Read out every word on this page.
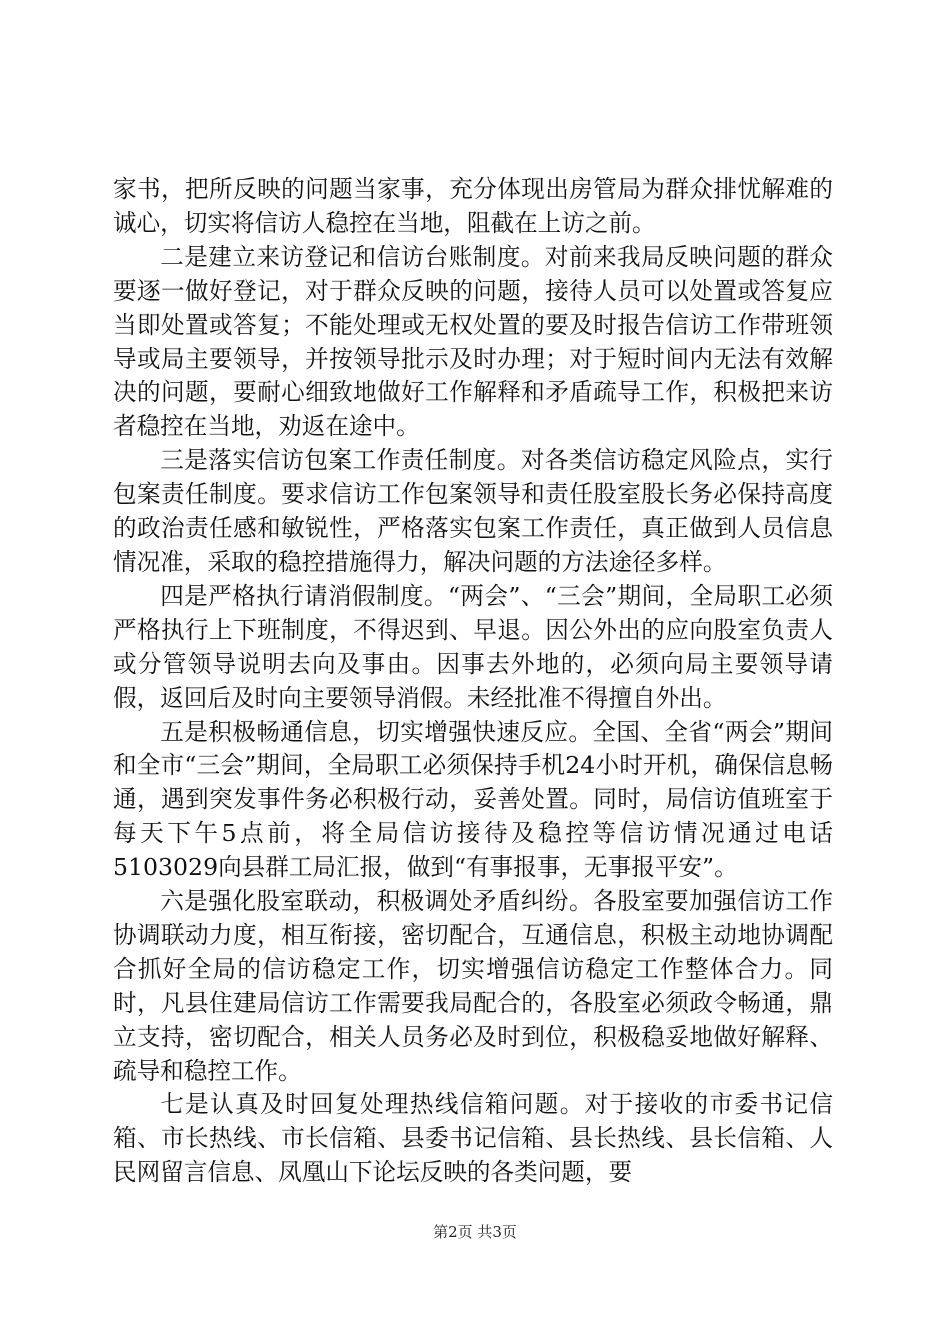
家书，把所反映的问题当家事，充分体现出房管局为群众排忧解难的诚心，切实将信访人稳控在当地，阻截在上访之前。

二是建立来访登记和信访台账制度。对前来我局反映问题的群众要逐一做好登记，对于群众反映的问题，接待人员可以处置或答复应当即处置或答复；不能处理或无权处置的要及时报告信访工作带班领导或局主要领导，并按领导批示及时办理；对于短时间内无法有效解决的问题，要耐心细致地做好工作解释和矛盾疏导工作，积极把来访者稳控在当地，劝返在途中。

三是落实信访包案工作责任制度。对各类信访稳定风险点，实行包案责任制度。要求信访工作包案领导和责任股室股长务必保持高度的政治责任感和敏锐性，严格落实包案工作责任，真正做到人员信息情况准，采取的稳控措施得力，解决问题的方法途径多样。

四是严格执行请消假制度。“两会”、“三会”期间，全局职工必须严格执行上下班制度，不得迟到、早退。因公外出的应向股室负责人或分管领导说明去向及事由。因事去外地的，必须向局主要领导请假，返回后及时向主要领导消假。未经批准不得擅自外出。

五是积极畅通信息，切实增强快速反应。全国、全省“两会”期间和全市“三会”期间，全局职工必须保持手机24小时开机，确保信息畅通，遇到突发事件务必积极行动，妥善处置。同时，局信访值班室于每天下午5点前，将全局信访接待及稳控等信访情况通过电话5103029向县群工局汇报，做到“有事报事，无事报平安”。

六是强化股室联动，积极调处矛盾纠纷。各股室要加强信访工作协调联动力度，相互衔接，密切配合，互通信息，积极主动地协调配合抓好全局的信访稳定工作，切实增强信访稳定工作整体合力。同时，凡县住建局信访工作需要我局配合的，各股室必须政令畅通，鼎立支持，密切配合，相关人员务必及时到位，积极稳妥地做好解释、疏导和稳控工作。

七是认真及时回复处理热线信箱问题。对于接收的市委书记信箱、市长热线、市长信箱、县委书记信箱、县长热线、县长信箱、人民网留言信息、凤凰山下论坛反映的各类问题，要

第2页 共3页
